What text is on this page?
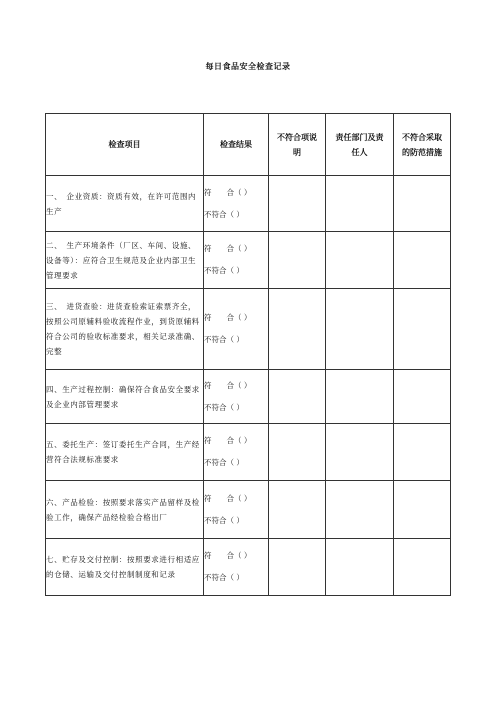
每日食品安全检查记录
检查项目	检查结果	不符合项说明	责任部门及责任人	不符合采取的防范措施
一、　企业资质：资质有效，在许可范围内生产	符　　合（ ）
不符合（ ）			

二、　生产环境条件（厂区、车间、设施、设备等）：应符合卫生规范及企业内部卫生管理要求	符　　合（ ）
不符合（ ）			

三、　进货查验：进货查验索证索票齐全，按照公司原辅料验收流程作业，到货原辅料符合公司的验收标准要求，相关记录准确、完整	符　　合（ ）
不符合（ ）			

四、生产过程控制：确保符合食品安全要求及企业内部管理要求	符　　合（ ）
不符合（ ）			

五、委托生产：签订委托生产合同，生产经营符合法规标准要求	符　　合（ ）
不符合（ ）			

六、产品检验：按照要求落实产品留样及检验工作，确保产品经检验合格出厂	符　　合（ ）
不符合（ ）			

七、贮存及交付控制：按照要求进行相适应的仓储、运输及交付控制制度和记录	符　　合（ ）
不符合（ ）			
